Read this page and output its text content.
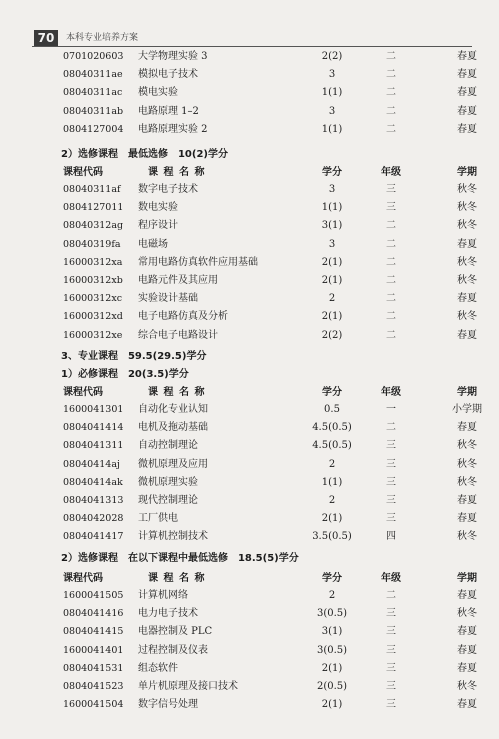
70	本科专业培养方案
0701020603 大学物理实验 3	2(2)	二	春夏
08040311ae 模拟电子技术	3	二	春夏
08040311ac 模电实验	1(1)	二	春夏
08040311ab 电路原理 1–2	3	二	春夏
0804127004 电路原理实验 2	1(1)	二	春夏
2）选修课程　最低选修　10(2)学分
课程代码	课 程 名 称	学分	年级	学期
08040311af 数字电子技术	3	三	秋冬
0804127011 数电实验	1(1)	三	秋冬
08040312ag 程序设计	3(1)	二	秋冬
08040319fa 电磁场	3	二	春夏
16000312xa 常用电路仿真软件应用基础	2(1)	二	秋冬
16000312xb 电路元件及其应用	2(1)	二	秋冬
16000312xc 实验设计基础	2	二	春夏
16000312xd 电子电路仿真及分析	2(1)	二	秋冬
16000312xe 综合电子电路设计	2(2)	二	春夏
3、专业课程　59.5(29.5)学分
1）必修课程　20(3.5)学分
课程代码	课 程 名 称	学分	年级	学期
1600041301 自动化专业认知	0.5	一	小学期
0804041414 电机及拖动基础	4.5(0.5)	二	春夏
0804041311 自动控制理论	4.5(0.5)	三	秋冬
08040414aj 微机原理及应用	2	三	秋冬
08040414ak 微机原理实验	1(1)	三	秋冬
0804041313 现代控制理论	2	三	春夏
0804042028 工厂供电	2(1)	三	春夏
0804041417 计算机控制技术	3.5(0.5)	四	秋冬
2）选修课程　在以下课程中最低选修　18.5(5)学分
课程代码	课 程 名 称	学分	年级	学期
1600041505 计算机网络	2	二	春夏
0804041416 电力电子技术	3(0.5)	三	秋冬
0804041415 电器控制及 PLC	3(1)	三	春夏
1600041401 过程控制及仪表	3(0.5)	三	春夏
0804041531 组态软件	2(1)	三	春夏
0804041523 单片机原理及接口技术	2(0.5)	三	秋冬
1600041504 数字信号处理	2(1)	三	春夏
